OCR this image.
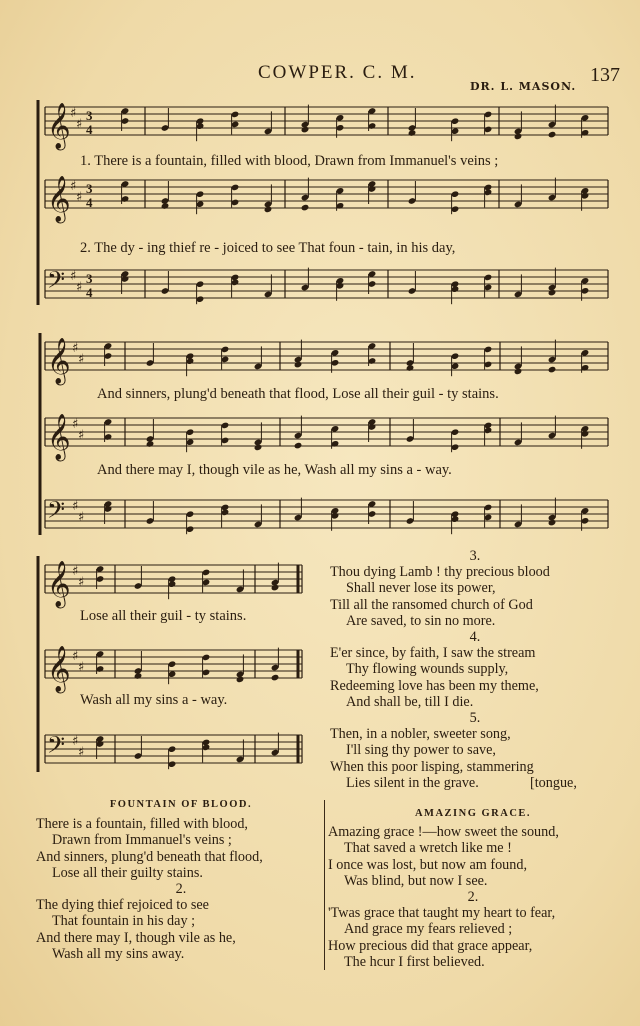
COWPER. C. M.
DR. L. MASON.
137
𝄞 ♯
♯
3
4
𝄞 ♯
♯
3
4
𝄢 ♯
♯
3
4
𝄞 ♯
♯
𝄞 ♯
♯
𝄢 ♯
♯
𝄞 ♯
♯
𝄞 ♯
♯
𝄢 ♯
♯
1. There is a fountain, filled with blood, Drawn from Immanuel's veins ;
2. The dy - ing thief re - joiced to see That foun - tain, in his day,
And sinners, plung'd beneath that flood, Lose all their guil - ty stains.
And there may I, though vile as he, Wash all my sins a - way.
Lose all their guil - ty stains.
Wash all my sins a - way.
3.
Thou dying Lamb ! thy precious blood
Shall never lose its power,
Till all the ransomed church of God
Are saved, to sin no more.
4.
E'er since, by faith, I saw the stream
Thy flowing wounds supply,
Redeeming love has been my theme,
And shall be, till I die.
5.
Then, in a nobler, sweeter song,
I'll sing thy power to save,
When this poor lisping, stammering
Lies silent in the grave.	[tongue,
FOUNTAIN OF BLOOD.
There is a fountain, filled with blood,
Drawn from Immanuel's veins ;
And sinners, plung'd beneath that flood,
Lose all their guilty stains.
2.
The dying thief rejoiced to see
That fountain in his day ;
And there may I, though vile as he,
Wash all my sins away.
AMAZING GRACE.
Amazing grace !—how sweet the sound,
That saved a wretch like me !
I once was lost, but now am found,
Was blind, but now I see.
2.
'Twas grace that taught my heart to fear,
And grace my fears relieved ;
How precious did that grace appear,
The hcur I first believed.
